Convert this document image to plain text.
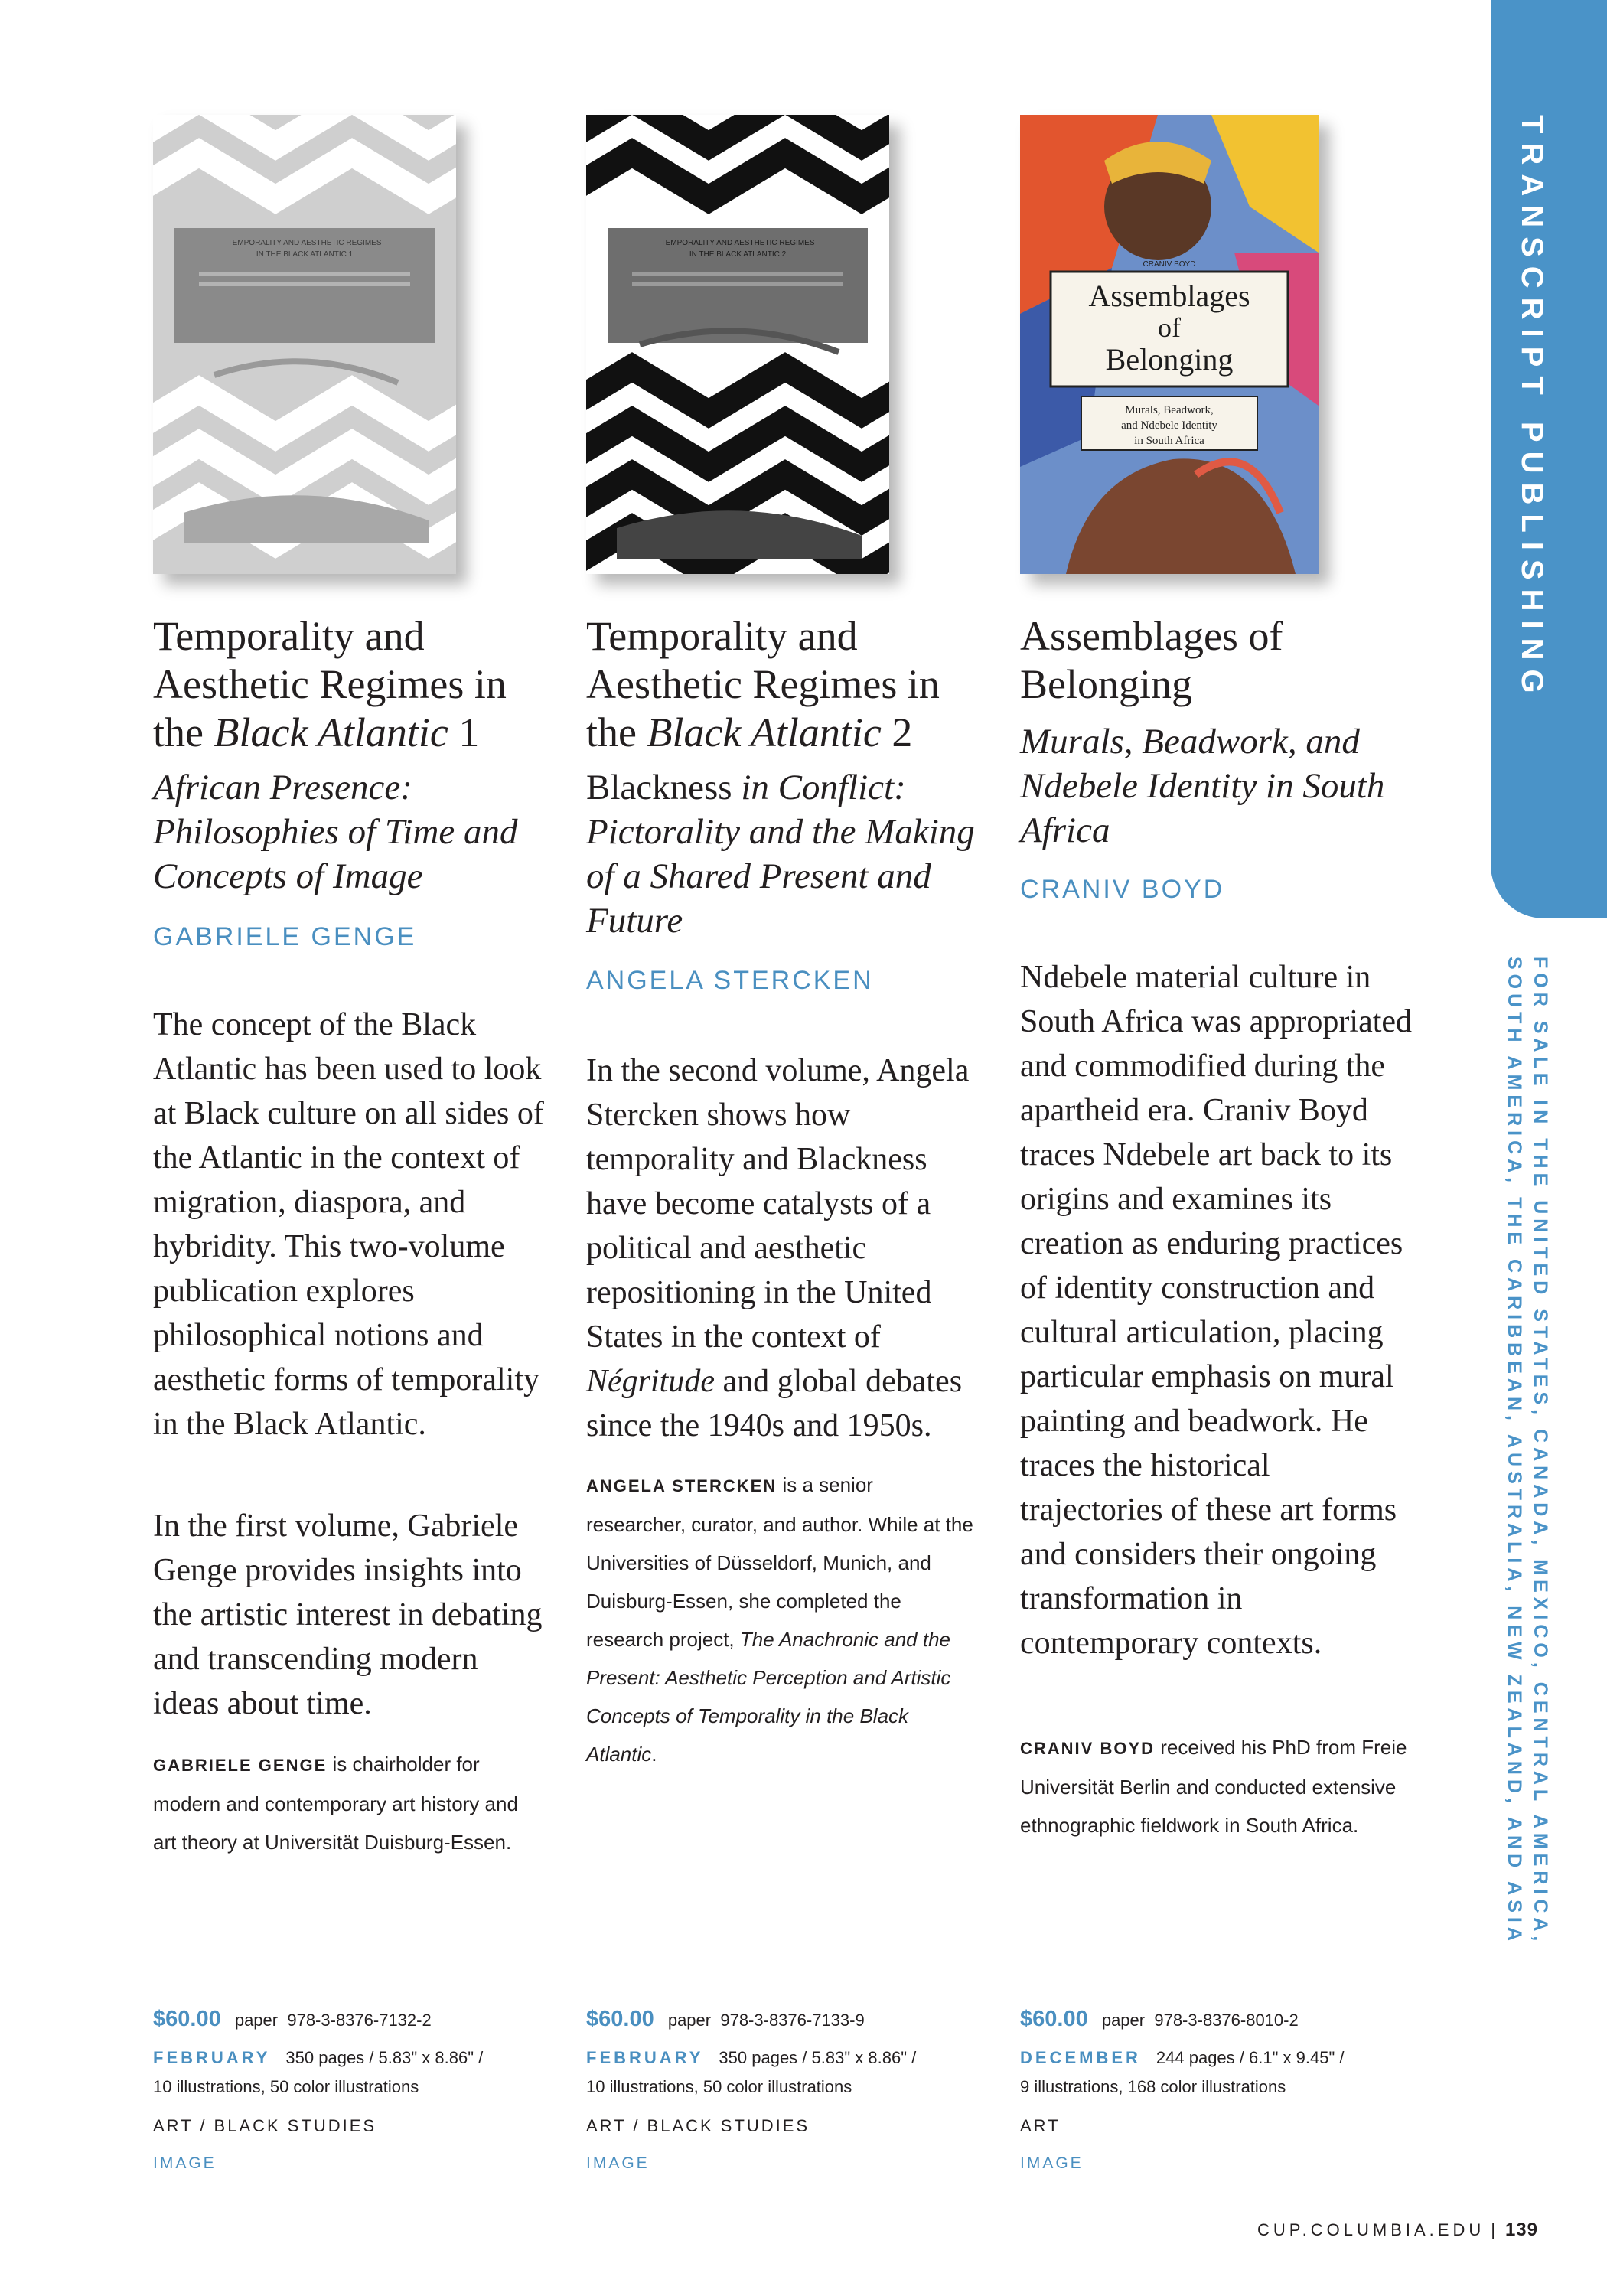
TEMPORALITY AND AESTHETIC REGIMES
IN THE BLACK ATLANTIC 1
Temporality and
Aesthetic Regimes in
the Black Atlantic 1

African Presence: Philosophies of Time and Concepts of Image

GABRIELE GENGE

The concept of the Black Atlantic has been used to look at Black culture on all sides of the Atlantic in the context of migration, diaspora, and hybridity. This two-volume publication explores philosophical notions and aesthetic forms of temporality in the Black Atlantic.

In the first volume, Gabriele Genge provides insights into the artistic interest in debating and transcending modern ideas about time.

GABRIELE GENGE is chairholder for modern and contemporary art history and art theory at Universität Duisburg-Essen.

$60.00 paper 978-3-8376-7132-2
FEBRUARY 350 pages / 5.83" x 8.86" /
10 illustrations, 50 color illustrations
ART / BLACK STUDIES
IMAGE
TEMPORALITY AND AESTHETIC REGIMES
IN THE BLACK ATLANTIC 2
Temporality and
Aesthetic Regimes in
the Black Atlantic 2

Blackness in Conflict: Pictorality and the Making of a Shared Present and Future

ANGELA STERCKEN

In the second volume, Angela Stercken shows how temporality and Blackness have become catalysts of a political and aesthetic repositioning in the United States in the context of Négritude and global debates since the 1940s and 1950s.

ANGELA STERCKEN is a senior researcher, curator, and author. While at the Universities of Düsseldorf, Munich, and Duisburg-Essen, she completed the research project, The Anachronic and the Present: Aesthetic Perception and Artistic Concepts of Temporality in the Black Atlantic.

$60.00 paper 978-3-8376-7133-9
FEBRUARY 350 pages / 5.83" x 8.86" /
10 illustrations, 50 color illustrations
ART / BLACK STUDIES
IMAGE
CRANIV BOYD
Assemblages
of
Belonging
Murals, Beadwork,
and Ndebele Identity
in South Africa
Assemblages of
Belonging

Murals, Beadwork, and Ndebele Identity in South Africa

CRANIV BOYD

Ndebele material culture in South Africa was appropriated and commodified during the apartheid era. Craniv Boyd traces Ndebele art back to its origins and examines its creation as enduring practices of identity construction and cultural articulation, placing particular emphasis on mural painting and beadwork. He traces the historical trajectories of these art forms and considers their ongoing transformation in contemporary contexts.

CRANIV BOYD received his PhD from Freie Universität Berlin and conducted extensive ethnographic fieldwork in South Africa.

$60.00 paper 978-3-8376-8010-2
DECEMBER 244 pages / 6.1" x 9.45" /
9 illustrations, 168 color illustrations
ART
IMAGE
TRANSCRIPT PUBLISHING
FOR SALE IN THE UNITED STATES, CANADA, MEXICO, CENTRAL AMERICA, SOUTH AMERICA, THE CARIBBEAN, AUSTRALIA, NEW ZEALAND, AND ASIA
CUP.COLUMBIA.EDU | 139
